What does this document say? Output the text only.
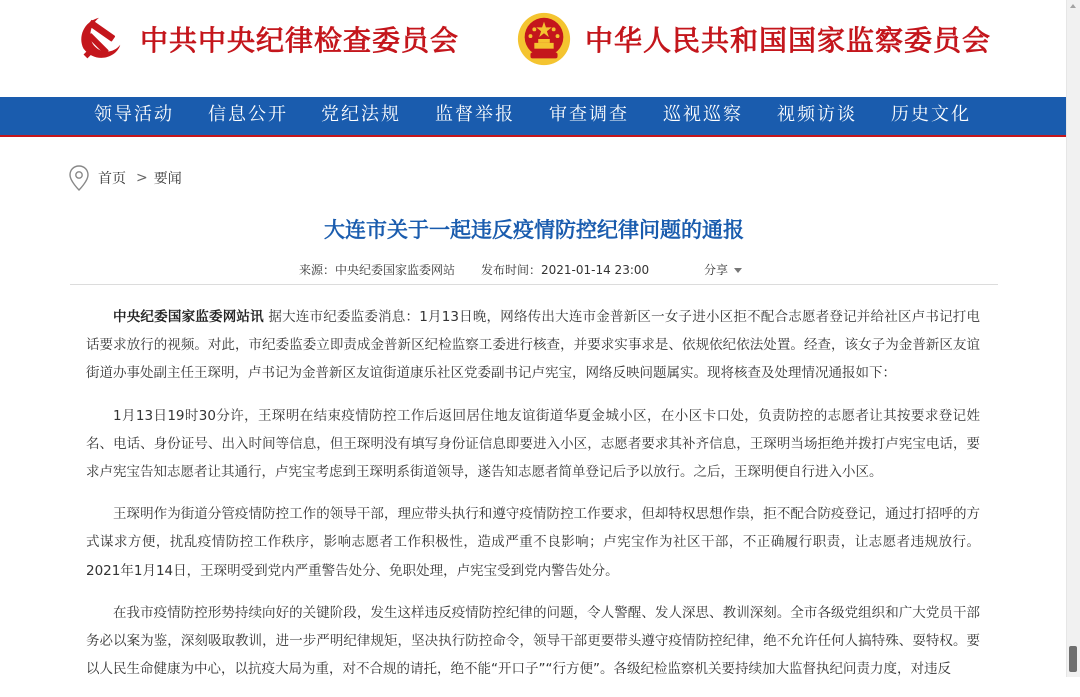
中共中央纪律检查委员会	中华人民共和国国家监察委员会
领导活动 信息公开 党纪法规 监督举报 审查调查 巡视巡察 视频访谈 历史文化
首页 > 要闻
大连市关于一起违反疫情防控纪律问题的通报
来源：中央纪委国家监委网站 发布时间：2021-01-14 23:00	分享

中央纪委国家监委网站讯 据大连市纪委监委消息：1月13日晚，网络传出大连市金普新区一女子进小区拒不配合志愿者登记并给社区卢书记打电话要求放行的视频。对此，市纪委监委立即责成金普新区纪检监察工委进行核查，并要求实事求是、依规依纪依法处置。经查，该女子为金普新区友谊街道办事处副主任王琛明，卢书记为金普新区友谊街道康乐社区党委副书记卢宪宝，网络反映问题属实。现将核查及处理情况通报如下：

1月13日19时30分许，王琛明在结束疫情防控工作后返回居住地友谊街道华夏金城小区，在小区卡口处，负责防控的志愿者让其按要求登记姓名、电话、身份证号、出入时间等信息，但王琛明没有填写身份证信息即要进入小区，志愿者要求其补齐信息，王琛明当场拒绝并拨打卢宪宝电话，要求卢宪宝告知志愿者让其通行，卢宪宝考虑到王琛明系街道领导，遂告知志愿者简单登记后予以放行。之后，王琛明便自行进入小区。

王琛明作为街道分管疫情防控工作的领导干部，理应带头执行和遵守疫情防控工作要求，但却特权思想作祟，拒不配合防疫登记，通过打招呼的方式谋求方便，扰乱疫情防控工作秩序，影响志愿者工作积极性，造成严重不良影响；卢宪宝作为社区干部，不正确履行职责，让志愿者违规放行。2021年1月14日，王琛明受到党内严重警告处分、免职处理，卢宪宝受到党内警告处分。

在我市疫情防控形势持续向好的关键阶段，发生这样违反疫情防控纪律的问题，令人警醒、发人深思、教训深刻。全市各级党组织和广大党员干部务必以案为鉴，深刻吸取教训，进一步严明纪律规矩，坚决执行防控命令，领导干部更要带头遵守疫情防控纪律，绝不允许任何人搞特殊、耍特权。要以人民生命健康为中心，以抗疫大局为重，对不合规的请托，绝不能“开口子”“行方便”。各级纪检监察机关要持续加大监督执纪问责力度，对违反
